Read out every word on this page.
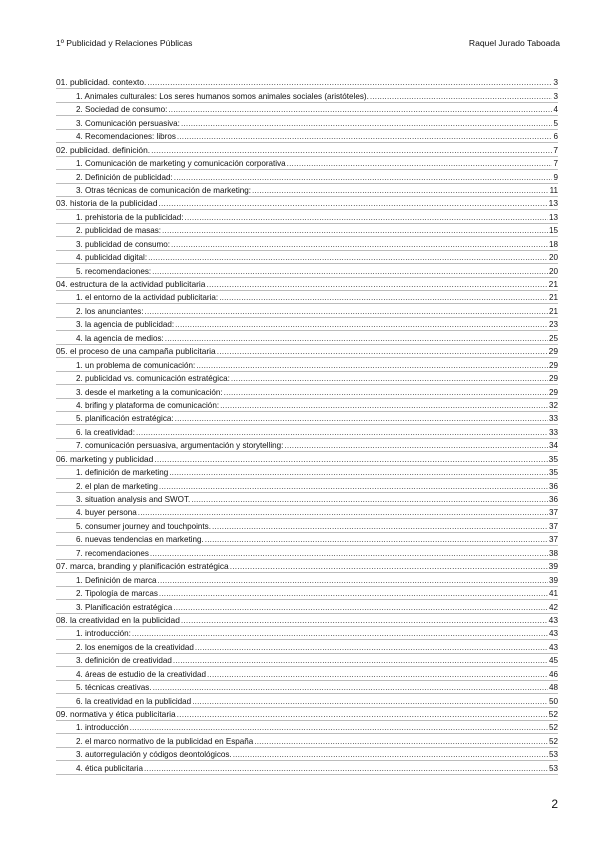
1º Publicidad y Relaciones Públicas	Raquel Jurado Taboada
01. publicidad. contexto. .....	3
1. Animales culturales: Los seres humanos somos animales sociales (aristóteles). .....	3
2. Sociedad de consumo: .....	4
3. Comunicación persuasiva: .....	5
4. Recomendaciones: libros .....	6
02. publicidad. definición. .....	7
1. Comunicación de marketing y comunicación corporativa .....	7
2. Definición de publicidad: .....	9
3. Otras técnicas de comunicación de marketing: .....	11
03. historia de la publicidad .....	13
1. prehistoria de la publicidad: .....	13
2. publicidad de masas: .....	15
3. publicidad de consumo: .....	18
4. publicidad digital: .....	20
5. recomendaciones: .....	20
04. estructura de la actividad publicitaria .....	21
1. el entorno de la actividad publicitaria: .....	21
2. los anunciantes: .....	21
3. la agencia de publicidad: .....	23
4. la agencia de medios: .....	25
05. el proceso de una campaña publicitaria .....	29
1. un problema de comunicación: .....	29
2. publicidad vs. comunicación estratégica: .....	29
3. desde el marketing a la comunicación: .....	29
4. brifing y plataforma de comunicación: .....	32
5. planificación estratégica: .....	33
6. la creatividad: .....	33
7. comunicación persuasiva, argumentación y storytelling: .....	34
06. marketing y publicidad .....	35
1. definición de marketing .....	35
2. el plan de marketing .....	36
3. situation analysis and SWOT. .....	36
4. buyer persona .....	37
5. consumer journey and touchpoints. .....	37
6. nuevas tendencias en marketing. .....	37
7. recomendaciones .....	38
07. marca, branding y planificación estratégica .....	39
1. Definición de marca .....	39
2. Tipología de marcas .....	41
3. Planificación estratégica .....	42
08. la creatividad en la publicidad .....	43
1. introducción: .....	43
2. los enemigos de la creatividad .....	43
3. definición de creatividad .....	45
4. áreas de estudio de la creatividad .....	46
5. técnicas creativas. .....	48
6. la creatividad en la publicidad .....	50
09. normativa y ética publicitaria .....	52
1. introducción .....	52
2. el marco normativo de la publicidad en España .....	52
3. autorregulación y códigos deontológicos. .....	53
4. ética publicitaria .....	53
2
